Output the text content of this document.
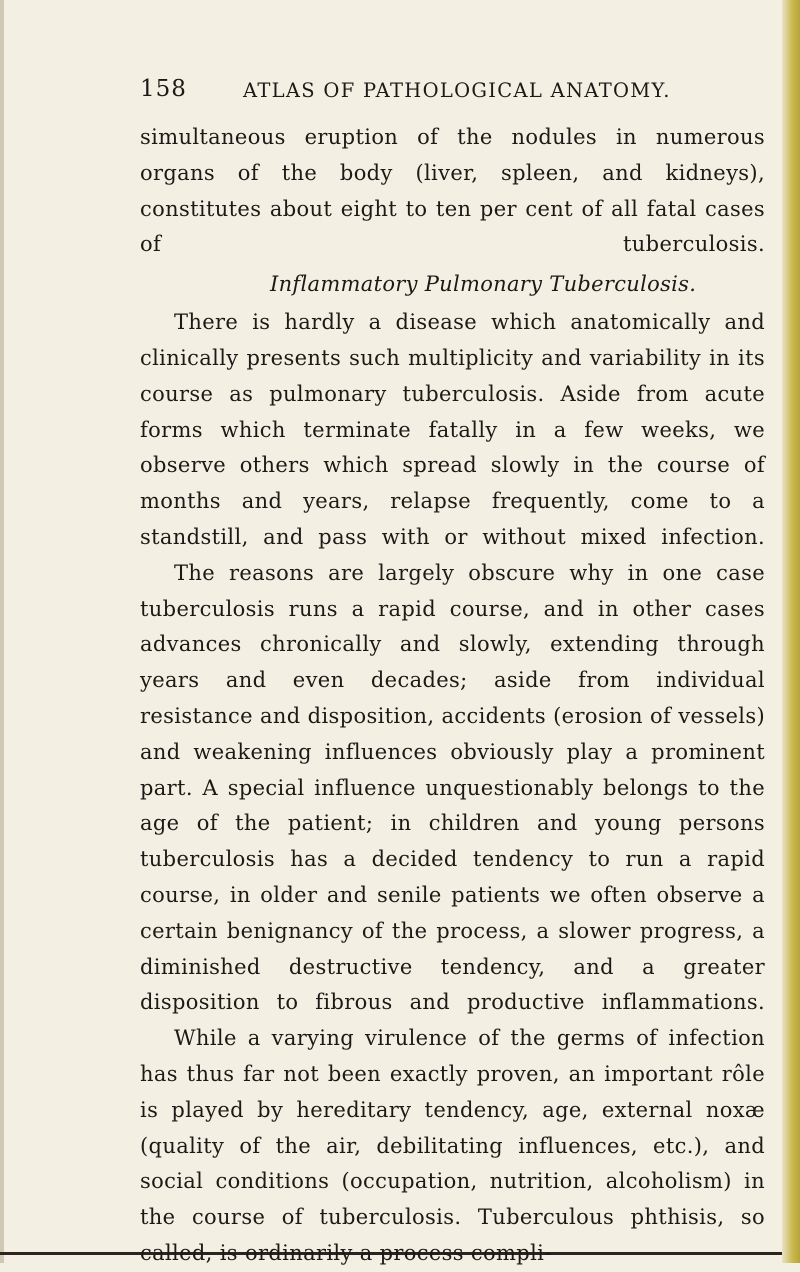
158	ATLAS OF PATHOLOGICAL ANATOMY.

simultaneous eruption of the nodules in numerous organs of the body (liver, spleen, and kidneys), constitutes about eight to ten per cent of all fatal cases of tuberculosis.

Inflammatory Pulmonary Tuberculosis.

There is hardly a disease which anatomically and clinically presents such multiplicity and variability in its course as pulmonary tuberculosis. Aside from acute forms which terminate fatally in a few weeks, we observe others which spread slowly in the course of months and years, relapse frequently, come to a standstill, and pass with or without mixed infection.

The reasons are largely obscure why in one case tuberculosis runs a rapid course, and in other cases advances chronically and slowly, extending through years and even decades; aside from individual resistance and disposition, accidents (erosion of vessels) and weakening influences obviously play a prominent part. A special influence unquestionably belongs to the age of the patient; in children and young persons tuberculosis has a decided tendency to run a rapid course, in older and senile patients we often observe a certain benignancy of the process, a slower progress, a diminished destructive tendency, and a greater disposition to fibrous and productive inflammations.

While a varying virulence of the germs of infection has thus far not been exactly proven, an important rôle is played by hereditary tendency, age, external noxæ (quality of the air, debilitating influences, etc.), and social conditions (occupation, nutrition, alcoholism) in the course of tuberculosis. Tuberculous phthisis, so called, is ordinarily a process compli-
